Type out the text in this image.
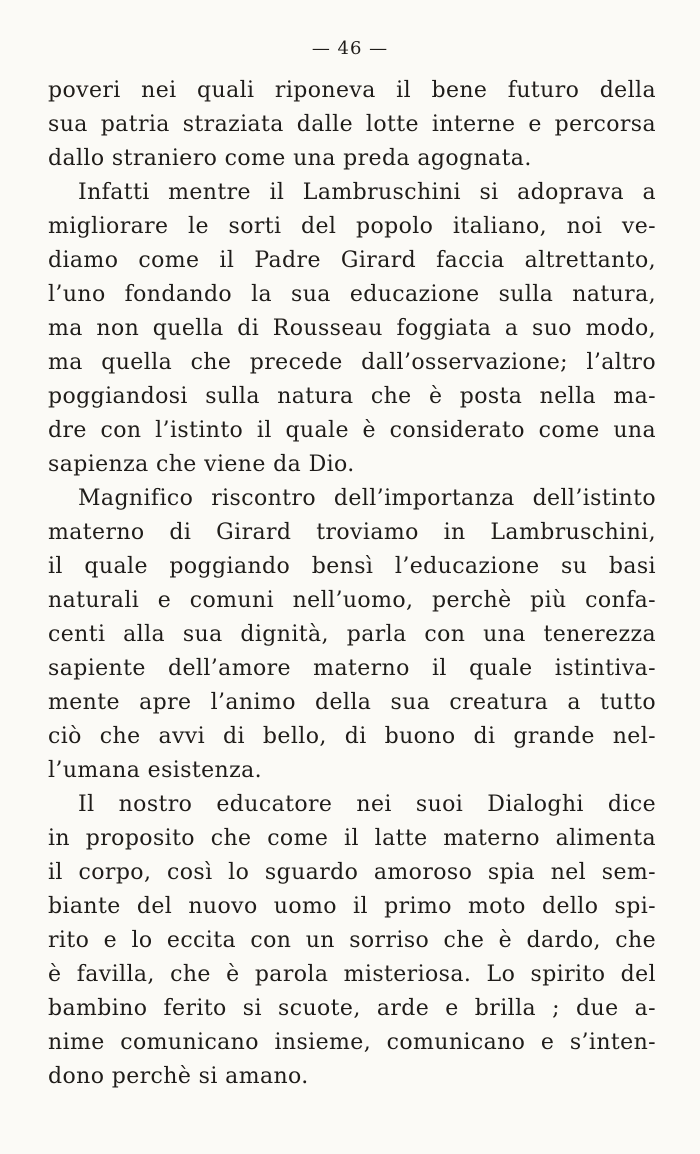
— 46 —
poveri nei quali riponeva il bene futuro della
sua patria straziata dalle lotte interne e percorsa
dallo straniero come una preda agognata.
Infatti mentre il Lambruschini si adoprava a
migliorare le sorti del popolo italiano, noi ve-
diamo come il Padre Girard faccia altrettanto,
l’uno fondando la sua educazione sulla natura,
ma non quella di Rousseau foggiata a suo modo,
ma quella che precede dall’osservazione; l’altro
poggiandosi sulla natura che è posta nella ma-
dre con l’istinto il quale è considerato come una
sapienza che viene da Dio.
Magnifico riscontro dell’importanza dell’istinto
materno di Girard troviamo in Lambruschini,
il quale poggiando bensì l’educazione su basi
naturali e comuni nell’uomo, perchè più confa-
centi alla sua dignità, parla con una tenerezza
sapiente dell’amore materno il quale istintiva-
mente apre l’animo della sua creatura a tutto
ciò che avvi di bello, di buono di grande nel-
l’umana esistenza.
Il nostro educatore nei suoi Dialoghi dice
in proposito che come il latte materno alimenta
il corpo, così lo sguardo amoroso spia nel sem-
biante del nuovo uomo il primo moto dello spi-
rito e lo eccita con un sorriso che è dardo, che
è favilla, che è parola misteriosa. Lo spirito del
bambino ferito si scuote, arde e brilla ; due a-
nime comunicano insieme, comunicano e s’inten-
dono perchè si amano.
